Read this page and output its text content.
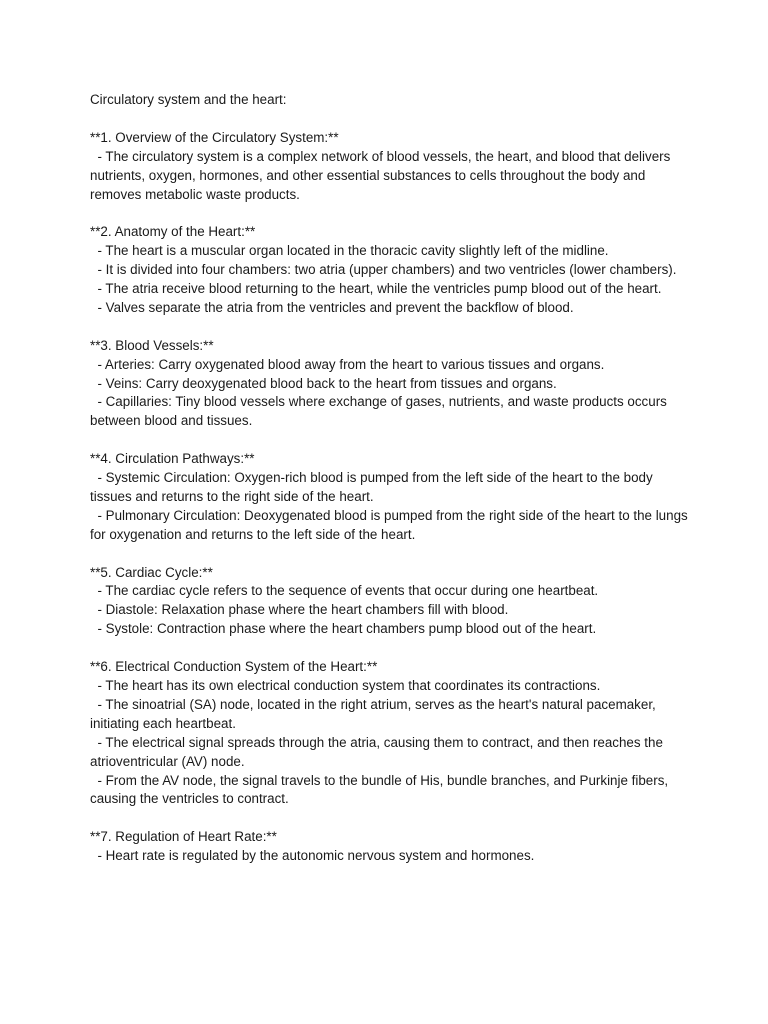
Circulatory system and the heart:

**1. Overview of the Circulatory System:**

- The circulatory system is a complex network of blood vessels, the heart, and blood that delivers nutrients, oxygen, hormones, and other essential substances to cells throughout the body and removes metabolic waste products.

**2. Anatomy of the Heart:**

- The heart is a muscular organ located in the thoracic cavity slightly left of the midline.

- It is divided into four chambers: two atria (upper chambers) and two ventricles (lower chambers).

- The atria receive blood returning to the heart, while the ventricles pump blood out of the heart.

- Valves separate the atria from the ventricles and prevent the backflow of blood.

**3. Blood Vessels:**

- Arteries: Carry oxygenated blood away from the heart to various tissues and organs.

- Veins: Carry deoxygenated blood back to the heart from tissues and organs.

- Capillaries: Tiny blood vessels where exchange of gases, nutrients, and waste products occurs between blood and tissues.

**4. Circulation Pathways:**

- Systemic Circulation: Oxygen-rich blood is pumped from the left side of the heart to the body tissues and returns to the right side of the heart.

- Pulmonary Circulation: Deoxygenated blood is pumped from the right side of the heart to the lungs for oxygenation and returns to the left side of the heart.

**5. Cardiac Cycle:**

- The cardiac cycle refers to the sequence of events that occur during one heartbeat.

- Diastole: Relaxation phase where the heart chambers fill with blood.

- Systole: Contraction phase where the heart chambers pump blood out of the heart.

**6. Electrical Conduction System of the Heart:**

- The heart has its own electrical conduction system that coordinates its contractions.

- The sinoatrial (SA) node, located in the right atrium, serves as the heart's natural pacemaker, initiating each heartbeat.

- The electrical signal spreads through the atria, causing them to contract, and then reaches the atrioventricular (AV) node.

- From the AV node, the signal travels to the bundle of His, bundle branches, and Purkinje fibers, causing the ventricles to contract.

**7. Regulation of Heart Rate:**

- Heart rate is regulated by the autonomic nervous system and hormones.
